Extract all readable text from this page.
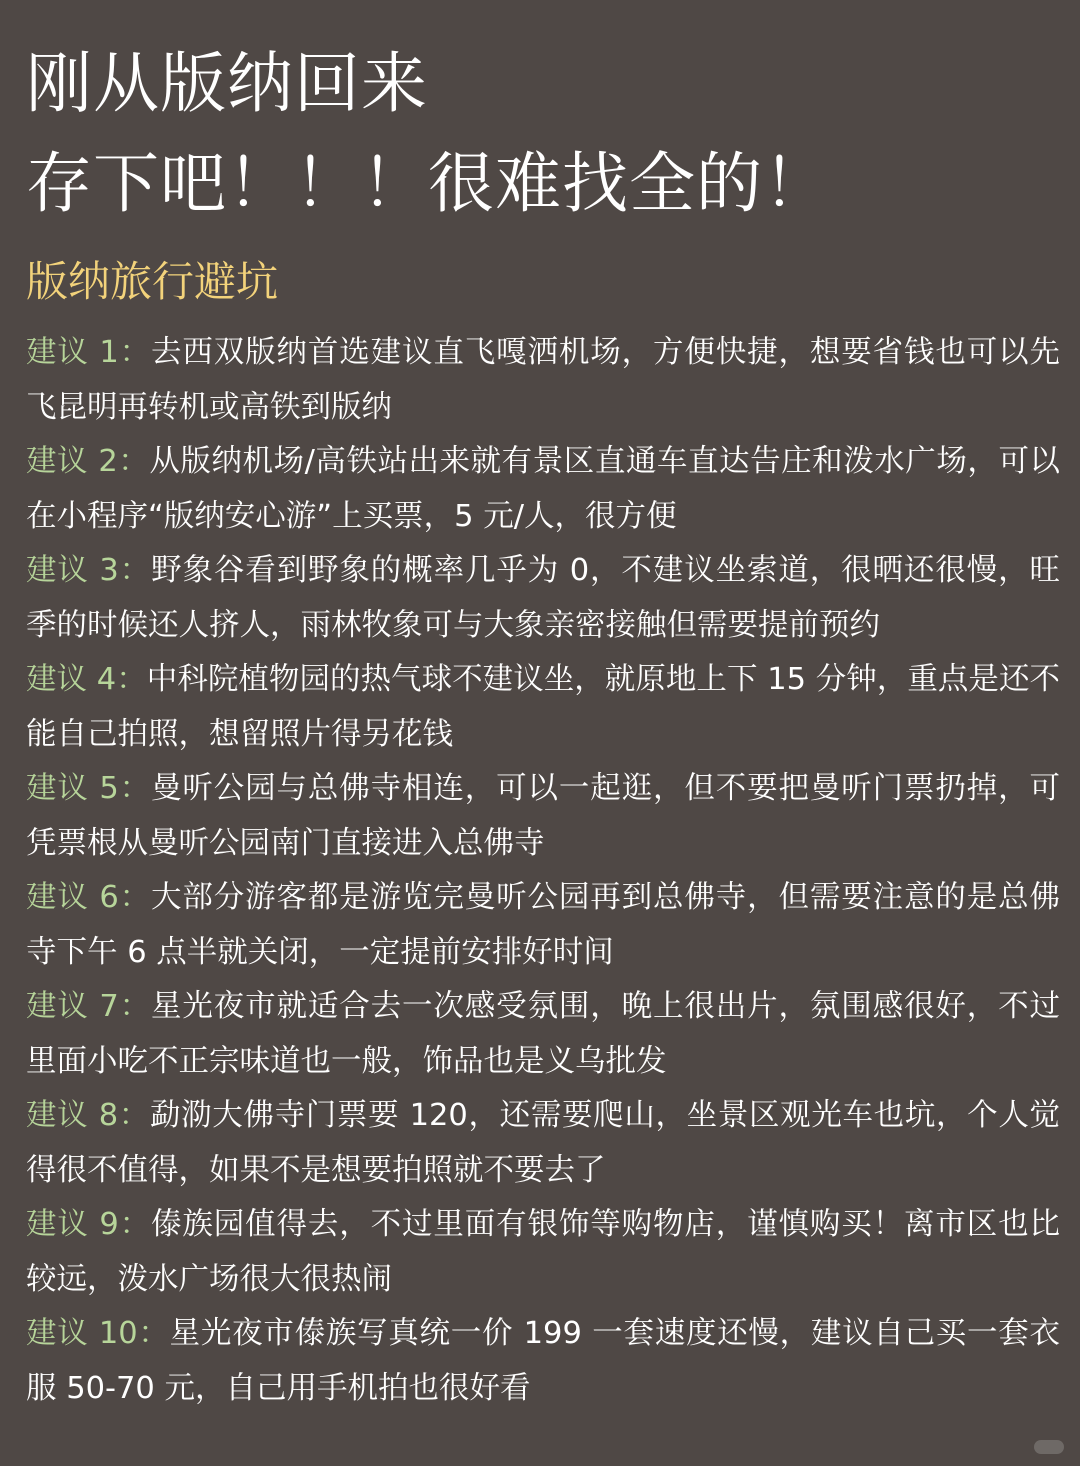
刚从版纳回来
存下吧！！！很难找全的！
版纳旅行避坑

建议 1：去西双版纳首选建议直飞嘎洒机场，方便快捷，想要省钱也可以先飞昆明再转机或高铁到版纳

建议 2：从版纳机场/高铁站出来就有景区直通车直达告庄和泼水广场，可以在小程序“版纳安心游”上买票，5 元/人，很方便

建议 3：野象谷看到野象的概率几乎为 0，不建议坐索道，很晒还很慢，旺季的时候还人挤人，雨林牧象可与大象亲密接触但需要提前预约

建议 4：中科院植物园的热气球不建议坐，就原地上下 15 分钟，重点是还不能自己拍照，想留照片得另花钱

建议 5：曼听公园与总佛寺相连，可以一起逛，但不要把曼听门票扔掉，可凭票根从曼听公园南门直接进入总佛寺

建议 6：大部分游客都是游览完曼听公园再到总佛寺，但需要注意的是总佛寺下午 6 点半就关闭，一定提前安排好时间

建议 7：星光夜市就适合去一次感受氛围，晚上很出片，氛围感很好，不过里面小吃不正宗味道也一般，饰品也是义乌批发

建议 8：勐泐大佛寺门票要 120，还需要爬山，坐景区观光车也坑，个人觉得很不值得，如果不是想要拍照就不要去了

建议 9：傣族园值得去，不过里面有银饰等购物店，谨慎购买！离市区也比较远，泼水广场很大很热闹

建议 10：星光夜市傣族写真统一价 199 一套速度还慢，建议自己买一套衣服 50-70 元，自己用手机拍也很好看
